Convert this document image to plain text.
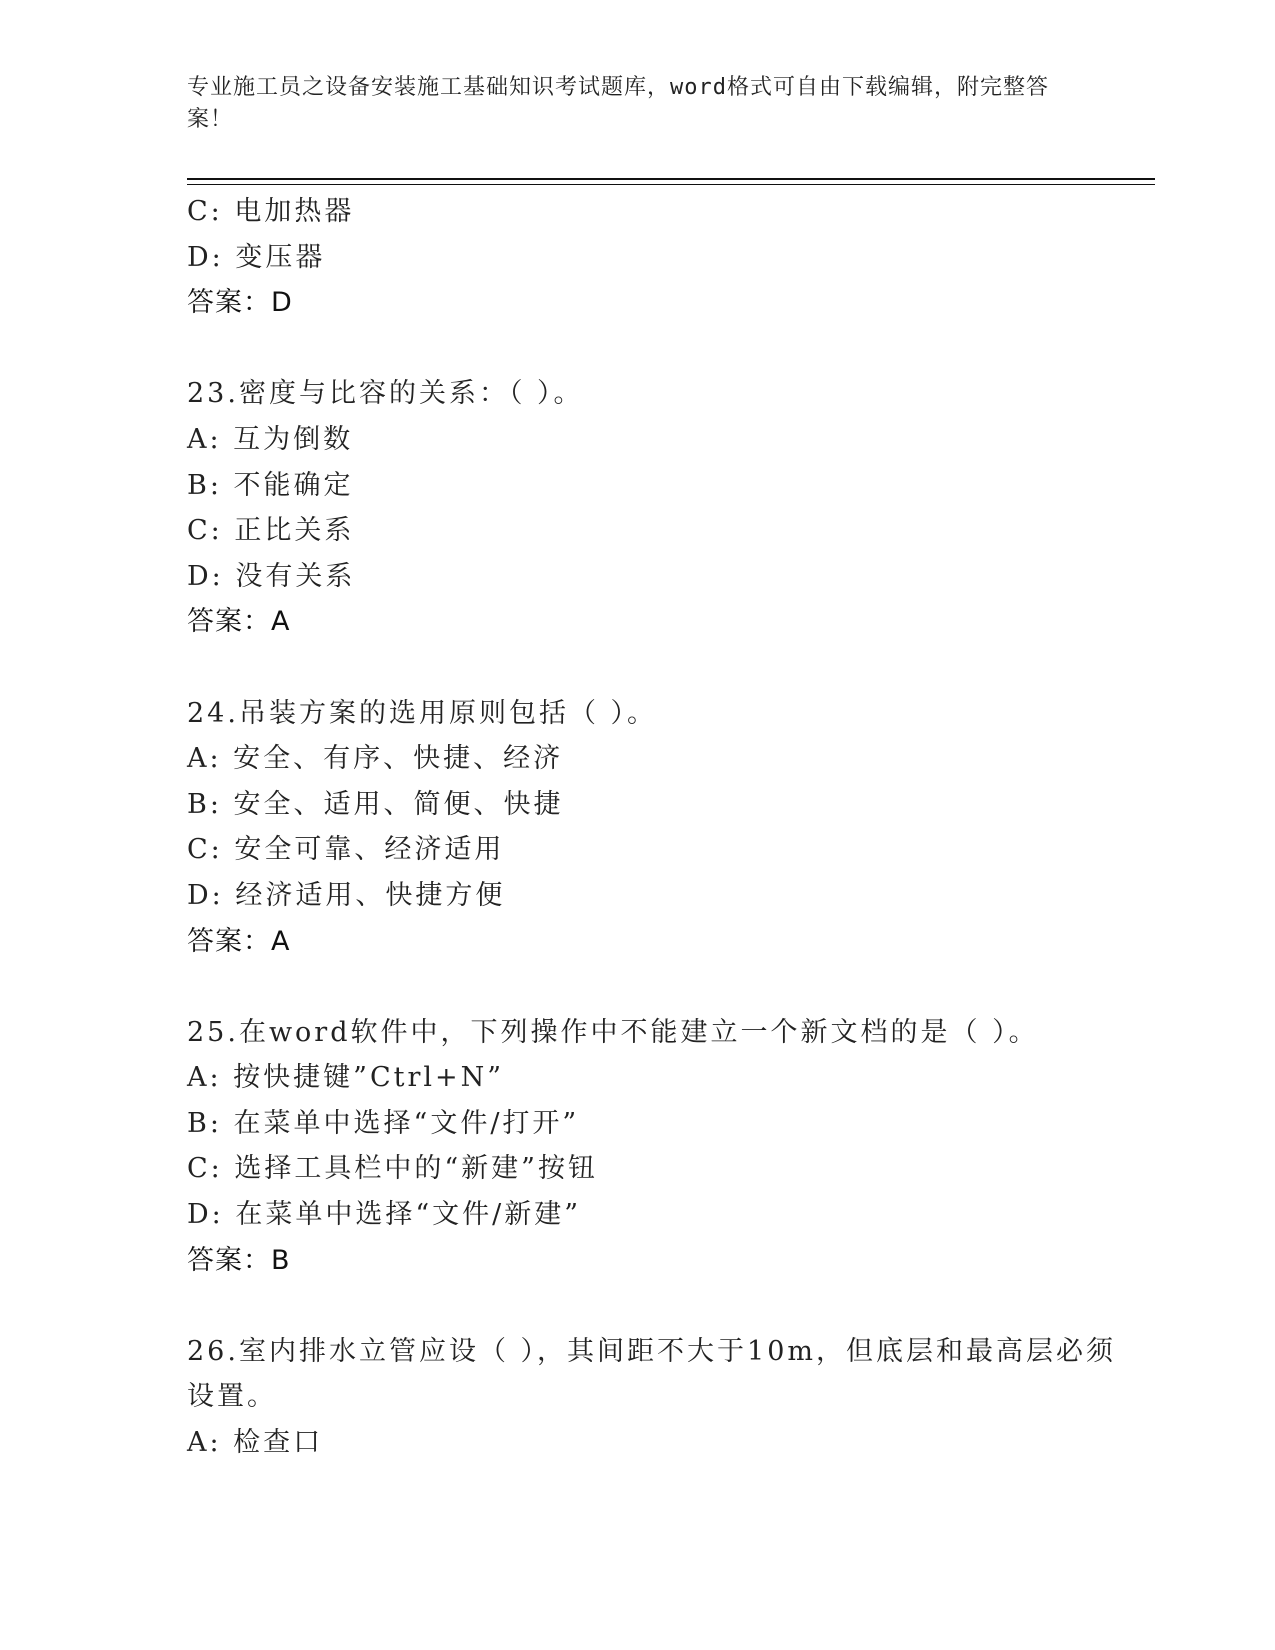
专业施工员之设备安装施工基础知识考试题库，word格式可自由下载编辑，附完整答案！
C: 电加热器
D: 变压器
答案：D
23.密度与比容的关系：（ ）。
A: 互为倒数
B: 不能确定
C: 正比关系
D: 没有关系
答案：A
24.吊装方案的选用原则包括（ ）。
A: 安全、有序、快捷、经济
B: 安全、适用、简便、快捷
C: 安全可靠、经济适用
D: 经济适用、快捷方便
答案：A
25.在word软件中，下列操作中不能建立一个新文档的是（ ）。
A: 按快捷键”Ctrl+N”
B: 在菜单中选择“文件/打开”
C: 选择工具栏中的“新建”按钮
D: 在菜单中选择“文件/新建”
答案：B
26.室内排水立管应设（ ），其间距不大于10m，但底层和最高层必须
设置。
A: 检查口
